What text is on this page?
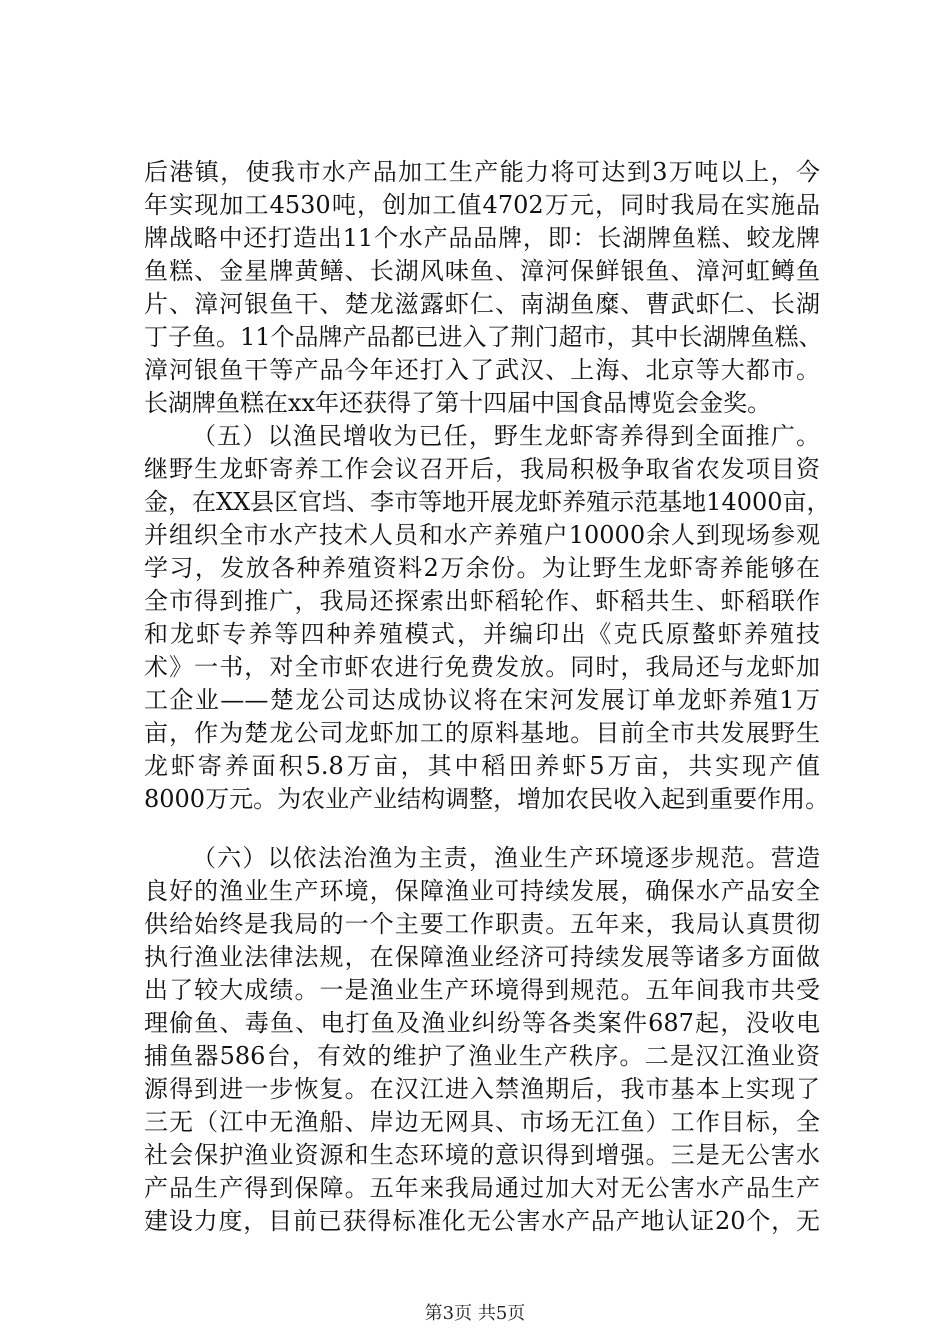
后港镇，使我市水产品加工生产能力将可达到3万吨以上，今
年实现加工4530吨，创加工值4702万元，同时我局在实施品
牌战略中还打造出11个水产品品牌，即：长湖牌鱼糕、蛟龙牌
鱼糕、金星牌黄鳝、长湖风味鱼、漳河保鲜银鱼、漳河虹鳟鱼
片、漳河银鱼干、楚龙滋露虾仁、南湖鱼糜、曹武虾仁、长湖
丁子鱼。11个品牌产品都已进入了荆门超市，其中长湖牌鱼糕、
漳河银鱼干等产品今年还打入了武汉、上海、北京等大都市。
长湖牌鱼糕在xx年还获得了第十四届中国食品博览会金奖。
（五）以渔民增收为已任，野生龙虾寄养得到全面推广。
继野生龙虾寄养工作会议召开后，我局积极争取省农发项目资
金，在XX县区官垱、李市等地开展龙虾养殖示范基地14000亩，
并组织全市水产技术人员和水产养殖户10000余人到现场参观
学习，发放各种养殖资料2万余份。为让野生龙虾寄养能够在
全市得到推广，我局还探索出虾稻轮作、虾稻共生、虾稻联作
和龙虾专养等四种养殖模式，并编印出《克氏原螯虾养殖技
术》一书，对全市虾农进行免费发放。同时，我局还与龙虾加
工企业——楚龙公司达成协议将在宋河发展订单龙虾养殖1万
亩，作为楚龙公司龙虾加工的原料基地。目前全市共发展野生
龙虾寄养面积5.8万亩，其中稻田养虾5万亩，共实现产值
8000万元。为农业产业结构调整，增加农民收入起到重要作用。
（六）以依法治渔为主责，渔业生产环境逐步规范。营造
良好的渔业生产环境，保障渔业可持续发展，确保水产品安全
供给始终是我局的一个主要工作职责。五年来，我局认真贯彻
执行渔业法律法规，在保障渔业经济可持续发展等诸多方面做
出了较大成绩。一是渔业生产环境得到规范。五年间我市共受
理偷鱼、毒鱼、电打鱼及渔业纠纷等各类案件687起，没收电
捕鱼器586台，有效的维护了渔业生产秩序。二是汉江渔业资
源得到进一步恢复。在汉江进入禁渔期后，我市基本上实现了
三无（江中无渔船、岸边无网具、市场无江鱼）工作目标，全
社会保护渔业资源和生态环境的意识得到增强。三是无公害水
产品生产得到保障。五年来我局通过加大对无公害水产品生产
建设力度，目前已获得标准化无公害水产品产地认证20个，无
第3页 共5页
